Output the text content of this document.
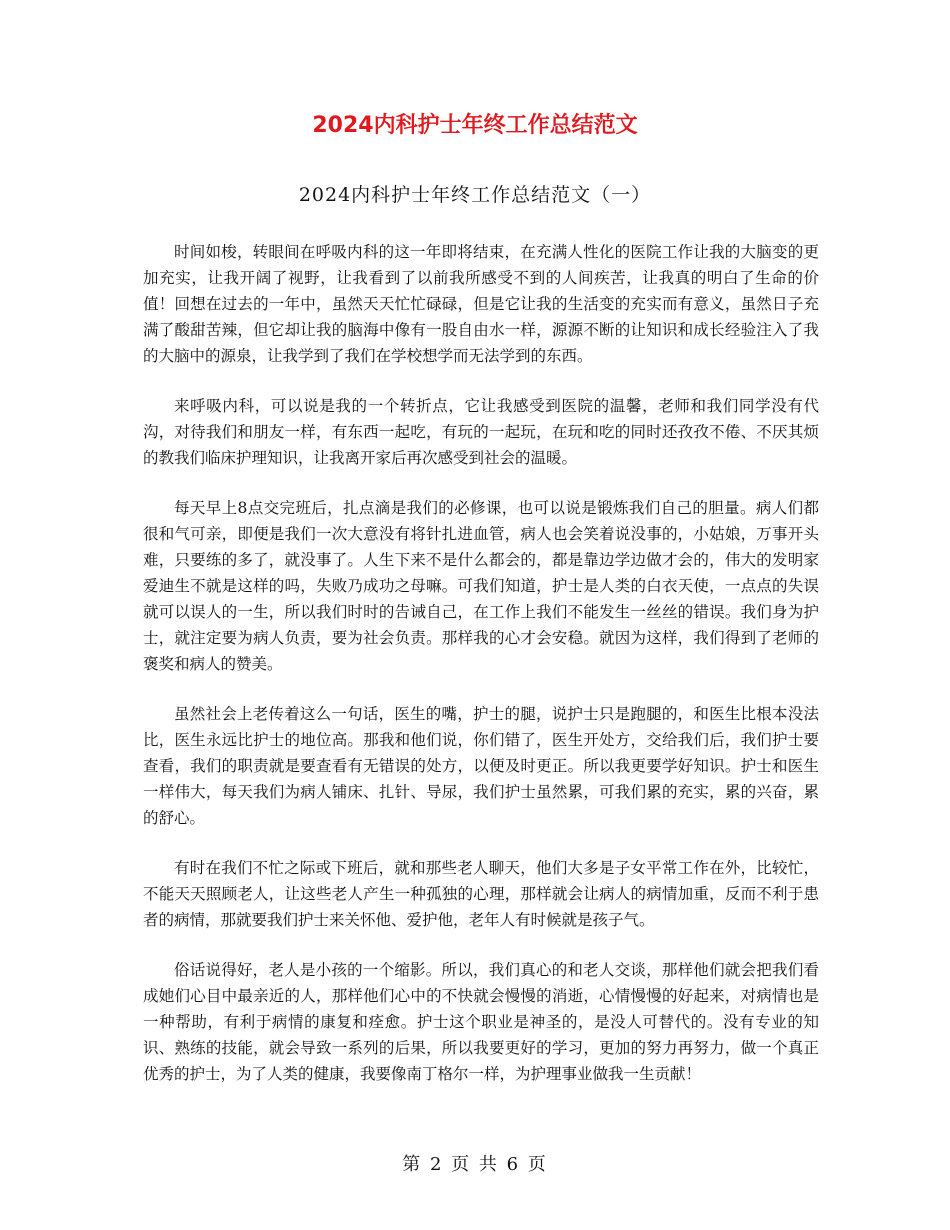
2024内科护士年终工作总结范文
2024内科护士年终工作总结范文（一）

时间如梭，转眼间在呼吸内科的这一年即将结束，在充满人性化的医院工作让我的大脑变的更加充实，让我开阔了视野，让我看到了以前我所感受不到的人间疾苦，让我真的明白了生命的价值！回想在过去的一年中，虽然天天忙忙碌碌，但是它让我的生活变的充实而有意义，虽然日子充满了酸甜苦辣，但它却让我的脑海中像有一股自由水一样，源源不断的让知识和成长经验注入了我的大脑中的源泉，让我学到了我们在学校想学而无法学到的东西。

来呼吸内科，可以说是我的一个转折点，它让我感受到医院的温馨，老师和我们同学没有代沟，对待我们和朋友一样，有东西一起吃，有玩的一起玩，在玩和吃的同时还孜孜不倦、不厌其烦的教我们临床护理知识，让我离开家后再次感受到社会的温暖。

每天早上8点交完班后，扎点滴是我们的必修课，也可以说是锻炼我们自己的胆量。病人们都很和气可亲，即便是我们一次大意没有将针扎进血管，病人也会笑着说没事的，小姑娘，万事开头难，只要练的多了，就没事了。人生下来不是什么都会的，都是靠边学边做才会的，伟大的发明家爱迪生不就是这样的吗，失败乃成功之母嘛。可我们知道，护士是人类的白衣天使，一点点的失误就可以误人的一生，所以我们时时的告诫自己，在工作上我们不能发生一丝丝的错误。我们身为护士，就注定要为病人负责，要为社会负责。那样我的心才会安稳。就因为这样，我们得到了老师的褒奖和病人的赞美。

虽然社会上老传着这么一句话，医生的嘴，护士的腿，说护士只是跑腿的，和医生比根本没法比，医生永远比护士的地位高。那我和他们说，你们错了，医生开处方，交给我们后，我们护士要查看，我们的职责就是要查看有无错误的处方，以便及时更正。所以我更要学好知识。护士和医生一样伟大，每天我们为病人铺床、扎针、导尿，我们护士虽然累，可我们累的充实，累的兴奋，累的舒心。

有时在我们不忙之际或下班后，就和那些老人聊天，他们大多是子女平常工作在外，比较忙，不能天天照顾老人，让这些老人产生一种孤独的心理，那样就会让病人的病情加重，反而不利于患者的病情，那就要我们护士来关怀他、爱护他，老年人有时候就是孩子气。

俗话说得好，老人是小孩的一个缩影。所以，我们真心的和老人交谈，那样他们就会把我们看成她们心目中最亲近的人，那样他们心中的不快就会慢慢的消逝，心情慢慢的好起来，对病情也是一种帮助，有利于病情的康复和痊愈。护士这个职业是神圣的，是没人可替代的。没有专业的知识、熟练的技能，就会导致一系列的后果，所以我要更好的学习，更加的努力再努力，做一个真正优秀的护士，为了人类的健康，我要像南丁格尔一样，为护理事业做我一生贡献！

第 2 页 共 6 页
